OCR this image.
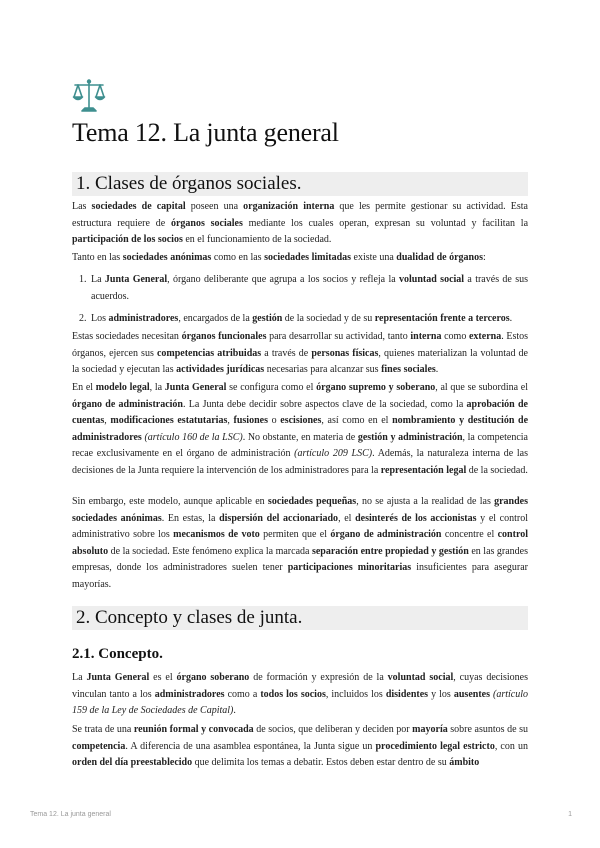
Tema 12. La junta general
1. Clases de órganos sociales.

Las sociedades de capital poseen una organización interna que les permite gestionar su actividad. Esta estructura requiere de órganos sociales mediante los cuales operan, expresan su voluntad y facilitan la participación de los socios en el funcionamiento de la sociedad.

Tanto en las sociedades anónimas como en las sociedades limitadas existe una dualidad de órganos:

1. La Junta General, órgano deliberante que agrupa a los socios y refleja la voluntad social a través de sus acuerdos.
2. Los administradores, encargados de la gestión de la sociedad y de su representación frente a terceros.

Estas sociedades necesitan órganos funcionales para desarrollar su actividad, tanto interna como externa. Estos órganos, ejercen sus competencias atribuidas a través de personas físicas, quienes materializan la voluntad de la sociedad y ejecutan las actividades jurídicas necesarias para alcanzar sus fines sociales.

En el modelo legal, la Junta General se configura como el órgano supremo y soberano, al que se subordina el órgano de administración. La Junta debe decidir sobre aspectos clave de la sociedad, como la aprobación de cuentas, modificaciones estatutarias, fusiones o escisiones, así como en el nombramiento y destitución de administradores (artículo 160 de la LSC). No obstante, en materia de gestión y administración, la competencia recae exclusivamente en el órgano de administración (artículo 209 LSC). Además, la naturaleza interna de las decisiones de la Junta requiere la intervención de los administradores para la representación legal de la sociedad.

Sin embargo, este modelo, aunque aplicable en sociedades pequeñas, no se ajusta a la realidad de las grandes sociedades anónimas. En estas, la dispersión del accionariado, el desinterés de los accionistas y el control administrativo sobre los mecanismos de voto permiten que el órgano de administración concentre el control absoluto de la sociedad. Este fenómeno explica la marcada separación entre propiedad y gestión en las grandes empresas, donde los administradores suelen tener participaciones minoritarias insuficientes para asegurar mayorías.

2. Concepto y clases de junta.
2.1. Concepto.

La Junta General es el órgano soberano de formación y expresión de la voluntad social, cuyas decisiones vinculan tanto a los administradores como a todos los socios, incluidos los disidentes y los ausentes (artículo 159 de la Ley de Sociedades de Capital).

Se trata de una reunión formal y convocada de socios, que deliberan y deciden por mayoría sobre asuntos de su competencia. A diferencia de una asamblea espontánea, la Junta sigue un procedimiento legal estricto, con un orden del día preestablecido que delimita los temas a debatir. Estos deben estar dentro de su ámbito

Tema 12. La junta general	1
